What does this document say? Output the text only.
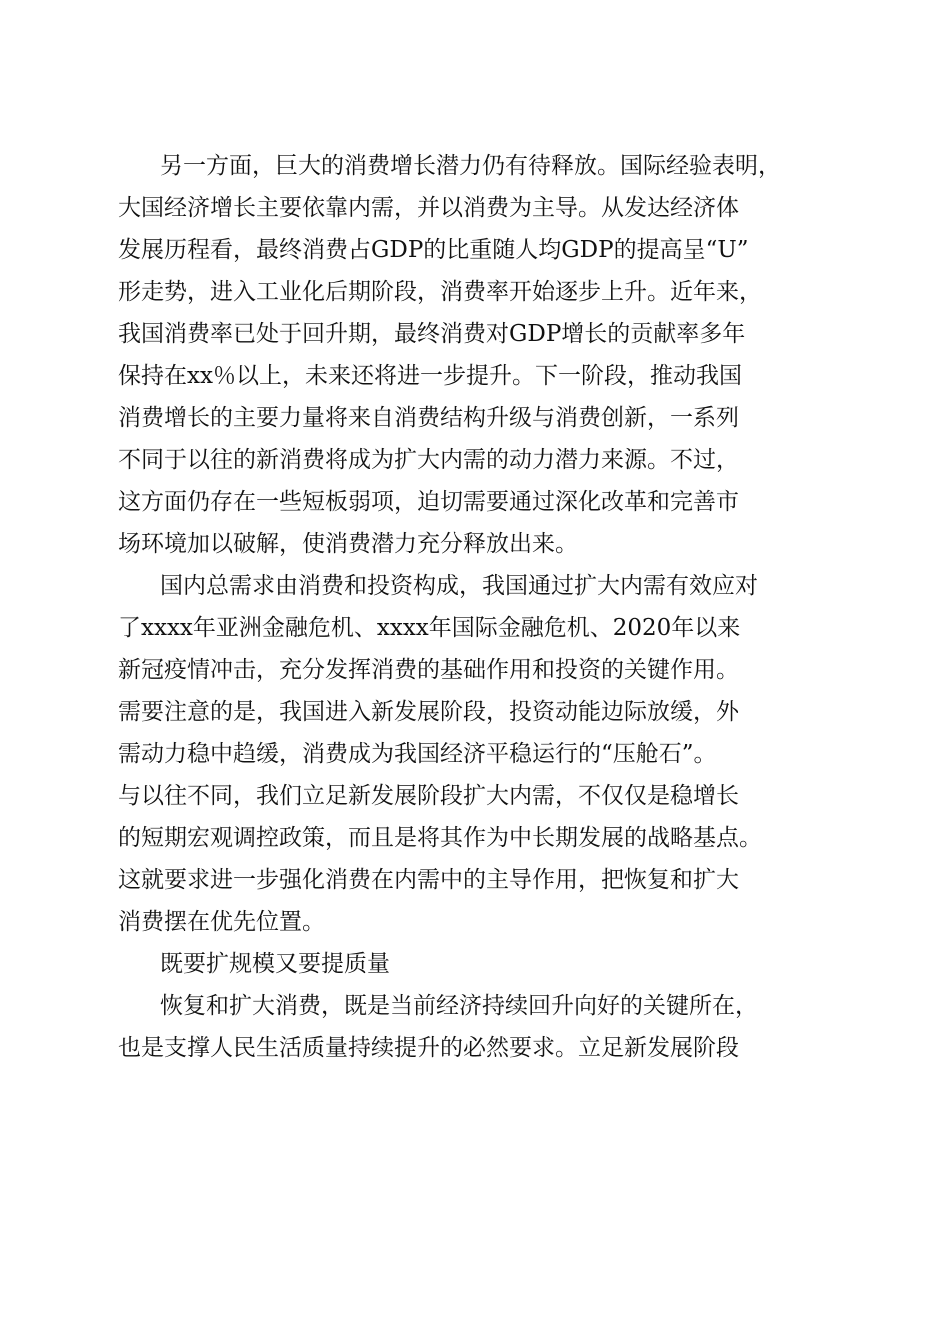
另一方面，巨大的消费增长潜力仍有待释放。国际经验表明，
大国经济增长主要依靠内需，并以消费为主导。从发达经济体
发展历程看，最终消费占GDP的比重随人均GDP的提高呈“U”
形走势，进入工业化后期阶段，消费率开始逐步上升。近年来，
我国消费率已处于回升期，最终消费对GDP增长的贡献率多年
保持在xx％以上，未来还将进一步提升。下一阶段，推动我国
消费增长的主要力量将来自消费结构升级与消费创新，一系列
不同于以往的新消费将成为扩大内需的动力潜力来源。不过，
这方面仍存在一些短板弱项，迫切需要通过深化改革和完善市
场环境加以破解，使消费潜力充分释放出来。
国内总需求由消费和投资构成，我国通过扩大内需有效应对
了xxxx年亚洲金融危机、xxxx年国际金融危机、2020年以来
新冠疫情冲击，充分发挥消费的基础作用和投资的关键作用。
需要注意的是，我国进入新发展阶段，投资动能边际放缓，外
需动力稳中趋缓，消费成为我国经济平稳运行的“压舱石”。
与以往不同，我们立足新发展阶段扩大内需，不仅仅是稳增长
的短期宏观调控政策，而且是将其作为中长期发展的战略基点。
这就要求进一步强化消费在内需中的主导作用，把恢复和扩大
消费摆在优先位置。
既要扩规模又要提质量
恢复和扩大消费，既是当前经济持续回升向好的关键所在，
也是支撑人民生活质量持续提升的必然要求。立足新发展阶段
